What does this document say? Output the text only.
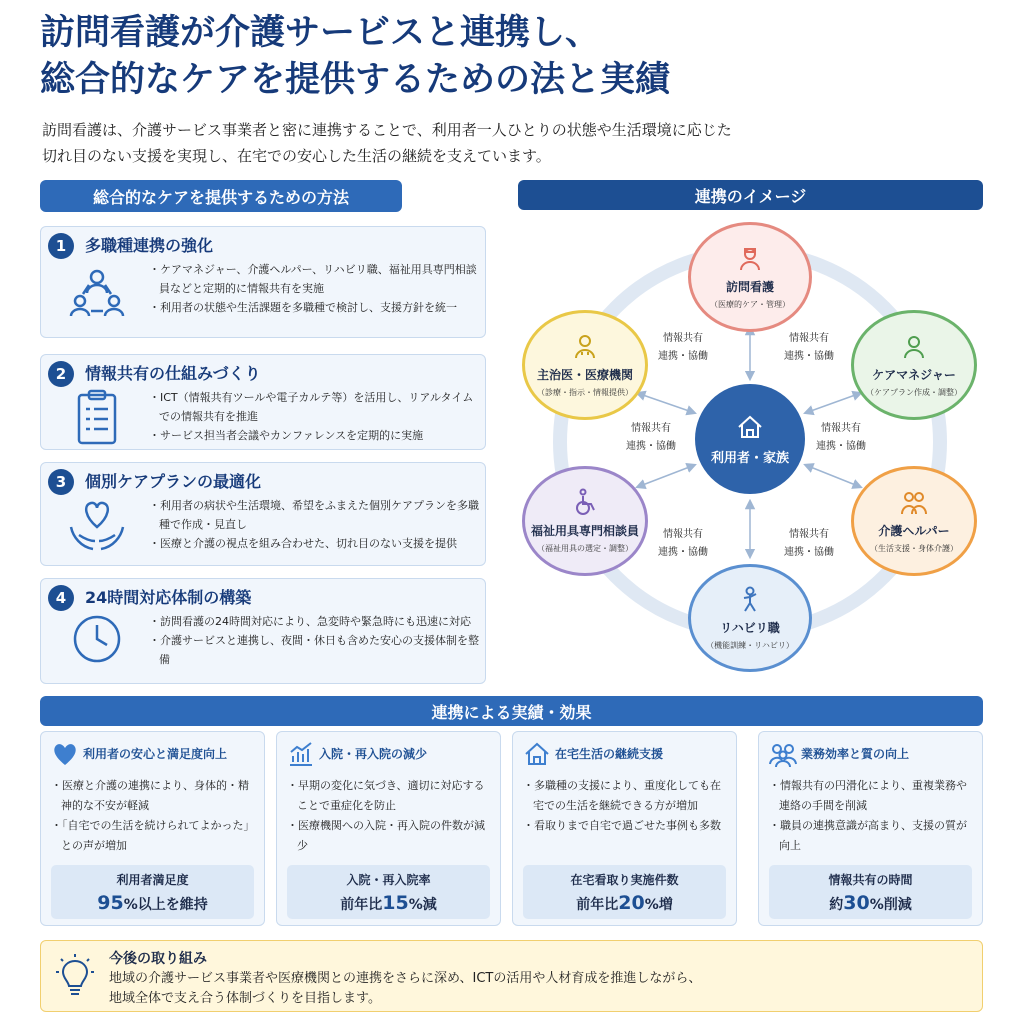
訪問看護が介護サービスと連携し、
総合的なケアを提供するための法と実績
訪問看護は、介護サービス事業者と密に連携することで、利用者一人ひとりの状態や生活環境に応じた
切れ目のない支援を実現し、在宅での安心した生活の継続を支えています。
総合的なケアを提供するための方法
1	多職種連携の強化
・ ケアマネジャー、介護ヘルパー、リハビリ職、福祉用具専門相談員などと定期的に情報共有を実施
・ 利用者の状態や生活課題を多職種で検討し、支援方針を統一
2	情報共有の仕組みづくり
・ ICT（情報共有ツールや電子カルテ等）を活用し、リアルタイムでの情報共有を推進
・ サービス担当者会議やカンファレンスを定期的に実施
3	個別ケアプランの最適化
・ 利用者の病状や生活環境、希望をふまえた個別ケアプランを多職種で作成・見直し
・ 医療と介護の視点を組み合わせた、切れ目のない支援を提供
4	24時間対応体制の構築
・ 訪問看護の24時間対応により、急変時や緊急時にも迅速に対応
・ 介護サービスと連携し、夜間・休日も含めた安心の支援体制を整備
連携のイメージ
利用者・家族
訪問看護
（医療的ケア・管理）
ケアマネジャー
（ケアプラン作成・調整）
介護ヘルパー
（生活支援・身体介護）
リハビリ職
（機能訓練・リハビリ）
福祉用具専門相談員
（福祉用具の選定・調整）
主治医・医療機関
（診療・指示・情報提供）
情報共有
連携・協働
情報共有
連携・協働
情報共有
連携・協働
情報共有
連携・協働
情報共有
連携・協働
情報共有
連携・協働
連携による実績・効果
利用者の安心と満足度向上
・ 医療と介護の連携により、身体的・精神的な不安が軽減
・ 「自宅での生活を続けられてよかった」との声が増加
利用者満足度
95%以上を維持
入院・再入院の減少
・ 早期の変化に気づき、適切に対応することで重症化を防止
・ 医療機関への入院・再入院の件数が減少
入院・再入院率
前年比15%減
在宅生活の継続支援
・ 多職種の支援により、重度化しても在宅での生活を継続できる方が増加
・ 看取りまで自宅で過ごせた事例も多数
在宅看取り実施件数
前年比20%増
業務効率と質の向上
・ 情報共有の円滑化により、重複業務や連絡の手間を削減
・ 職員の連携意識が高まり、支援の質が向上
情報共有の時間
約30%削減
今後の取り組み
地域の介護サービス事業者や医療機関との連携をさらに深め、ICTの活用や人材育成を推進しながら、
地域全体で支え合う体制づくりを目指します。
